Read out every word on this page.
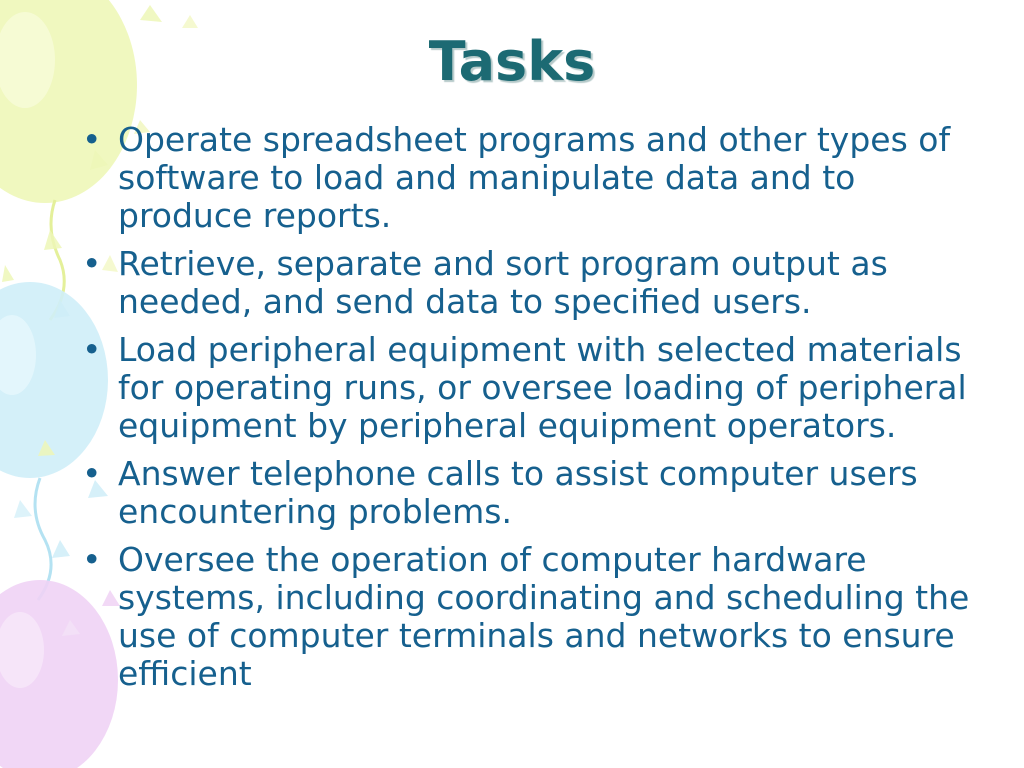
Tasks
• Operate spreadsheet programs and other types of software to load and manipulate data and to produce reports.
• Retrieve, separate and sort program output as needed, and send data to specified users.
• Load peripheral equipment with selected materials for operating runs, or oversee loading of peripheral equipment by peripheral equipment operators.
• Answer telephone calls to assist computer users encountering problems.
• Oversee the operation of computer hardware systems, including coordinating and scheduling the use of computer terminals and networks to ensure efficient
